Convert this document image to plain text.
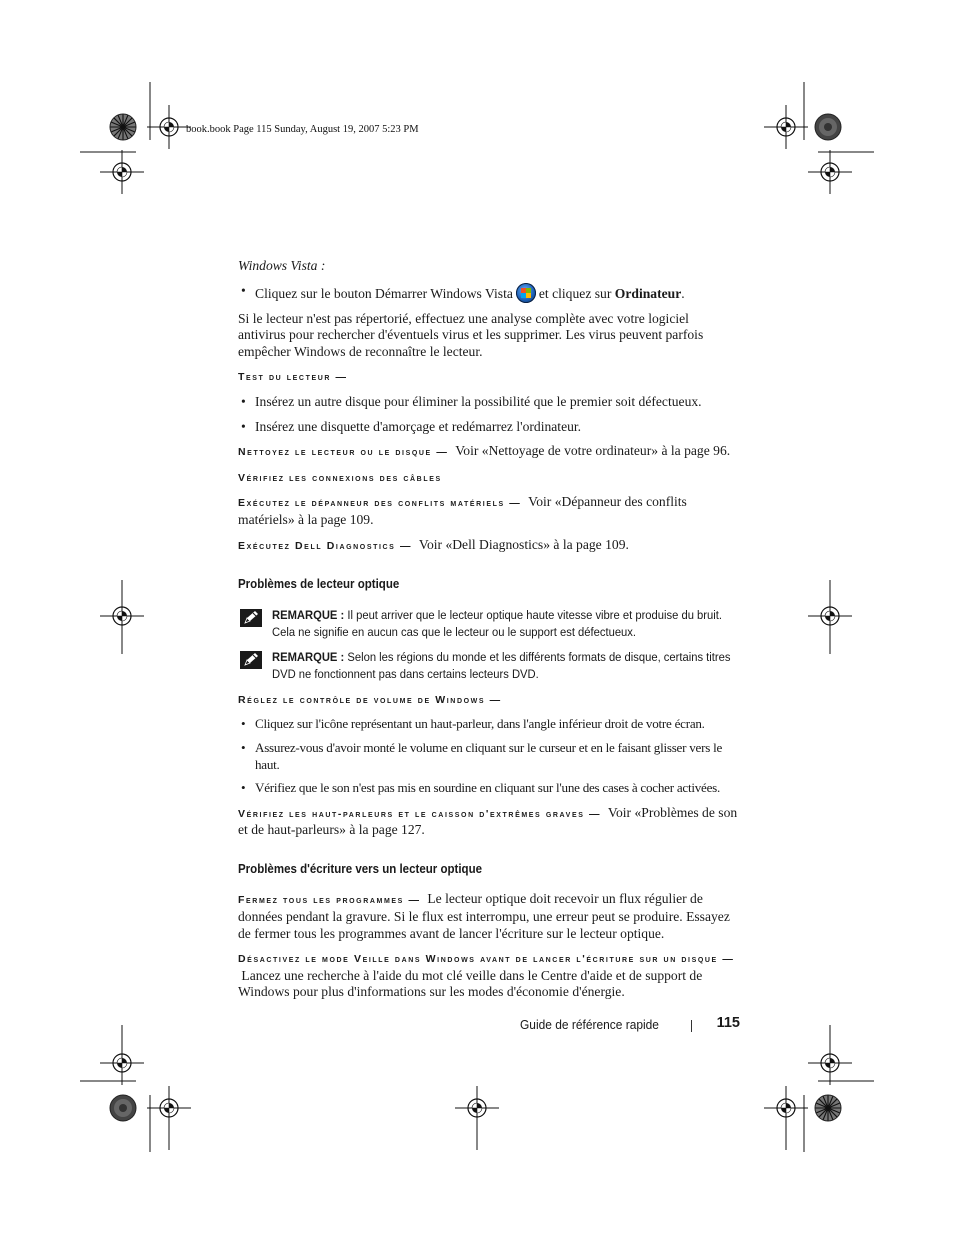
book.book Page 115 Sunday, August 19, 2007 5:23 PM

Windows Vista :

• Cliquez sur le bouton Démarrer Windows Vista et cliquez sur Ordinateur.

Si le lecteur n'est pas répertorié, effectuez une analyse complète avec votre logiciel antivirus pour rechercher d'éventuels virus et les supprimer. Les virus peuvent parfois empêcher Windows de reconnaître le lecteur.

Test du lecteur —

• Insérez un autre disque pour éliminer la possibilité que le premier soit défectueux.
• Insérez une disquette d'amorçage et redémarrez l'ordinateur.

Nettoyez le lecteur ou le disque — Voir «Nettoyage de votre ordinateur» à la page 96.

Vérifiez les connexions des câbles

Exécutez le dépanneur des conflits matériels — Voir «Dépanneur des conflits matériels» à la page 109.

Exécutez Dell Diagnostics — Voir «Dell Diagnostics» à la page 109.

Problèmes de lecteur optique

REMARQUE : Il peut arriver que le lecteur optique haute vitesse vibre et produise du bruit. Cela ne signifie en aucun cas que le lecteur ou le support est défectueux.

REMARQUE : Selon les régions du monde et les différents formats de disque, certains titres DVD ne fonctionnent pas dans certains lecteurs DVD.

Réglez le contrôle de volume de Windows —

• Cliquez sur l'icône représentant un haut-parleur, dans l'angle inférieur droit de votre écran.
• Assurez-vous d'avoir monté le volume en cliquant sur le curseur et en le faisant glisser vers le haut.
• Vérifiez que le son n'est pas mis en sourdine en cliquant sur l'une des cases à cocher activées.

Vérifiez les haut-parleurs et le caisson d'extrêmes graves — Voir «Problèmes de son et de haut-parleurs» à la page 127.

Problèmes d'écriture vers un lecteur optique

Fermez tous les programmes — Le lecteur optique doit recevoir un flux régulier de données pendant la gravure. Si le flux est interrompu, une erreur peut se produire. Essayez de fermer tous les programmes avant de lancer l'écriture sur le lecteur optique.

Désactivez le mode Veille dans Windows avant de lancer l'écriture sur un disque —  Lancez une recherche à l'aide du mot clé veille dans le Centre d'aide et de support de Windows pour plus d'informations sur les modes d'économie d'énergie.

Guide de référence rapide	115
